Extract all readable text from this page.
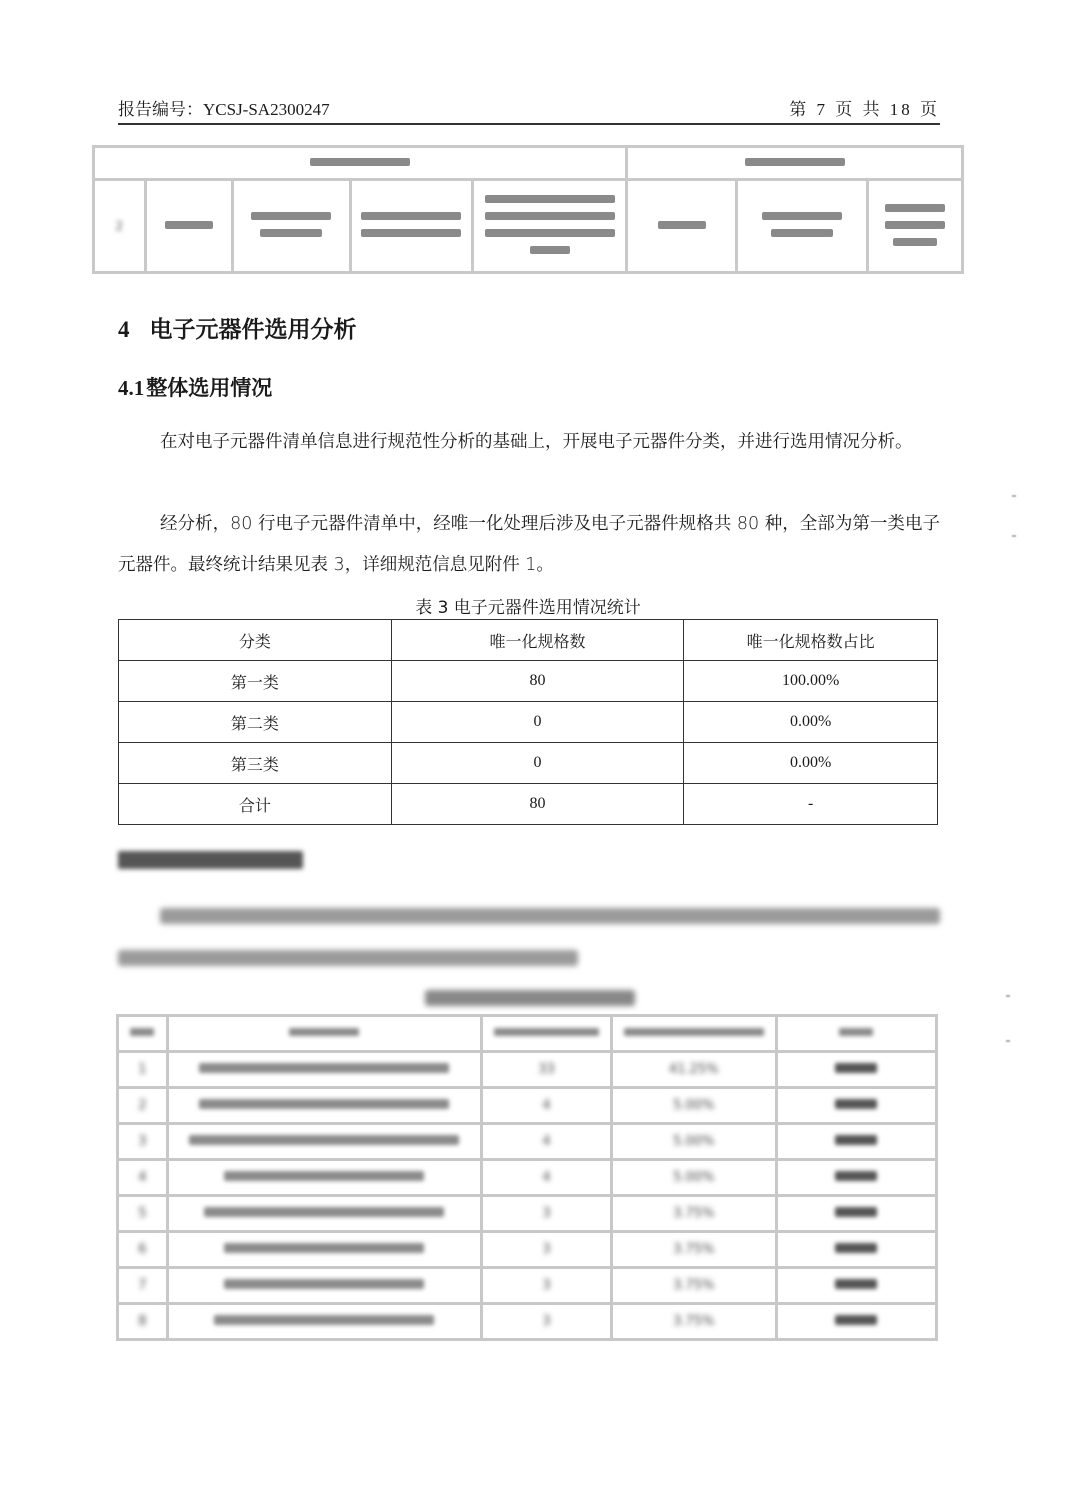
报告编号：YCSJ-SA2300247	第 7 页 共 18 页

2		

4 电子元器件选用分析
4.1整体选用情况
在对电子元器件清单信息进行规范性分析的基础上，开展电子元器件分类，并进行选用情况分析。
经分析，80 行电子元器件清单中，经唯一化处理后涉及电子元器件规格共 80 种，全部为第一类电子元器件。最终统计结果见表 3，详细规范信息见附件 1。
表 3 电子元器件选用情况统计
分类	唯一化规格数	唯一化规格数占比
第一类	80	100.00%
第二类	0	0.00%
第三类	0	0.00%
合计	80	-

1		33	41.25%	
2		4	5.00%	
3		4	5.00%	
4		4	5.00%	
5		3	3.75%	
6		3	3.75%	
7		3	3.75%	
8		3	3.75%	
